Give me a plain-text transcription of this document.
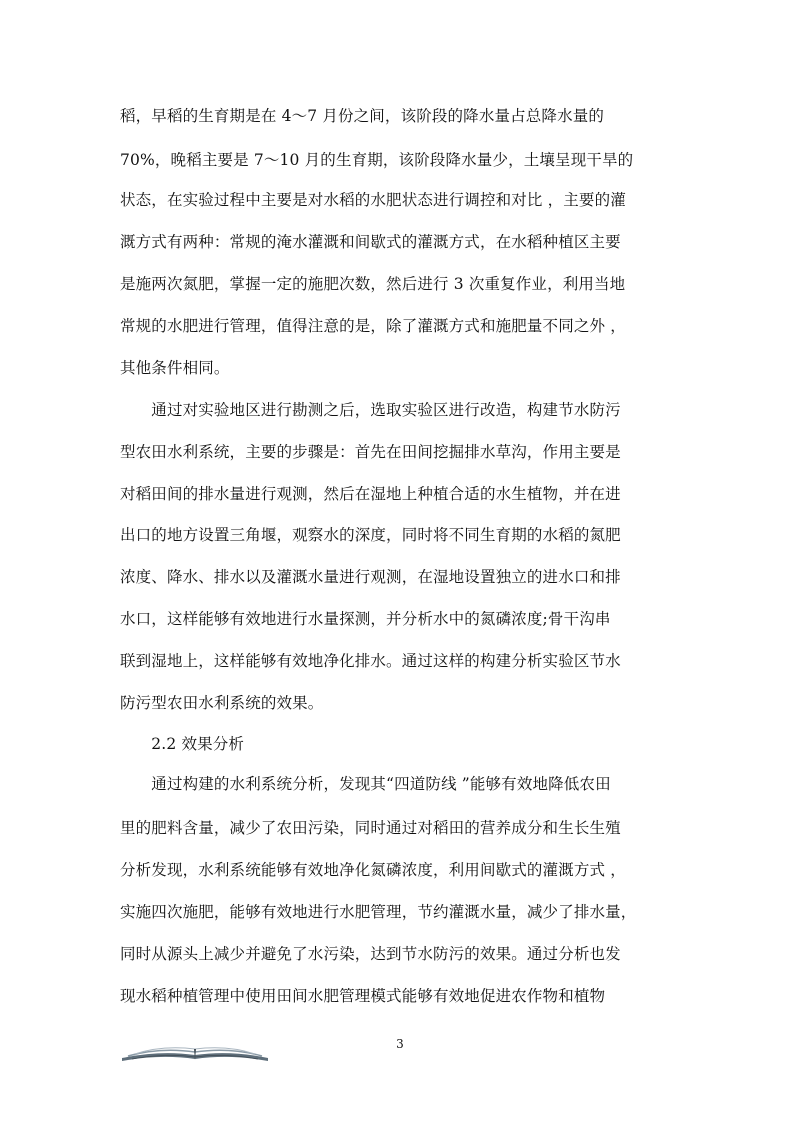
稻，早稻的生育期是在 4～7 月份之间，该阶段的降水量占总降水量的
70%，晚稻主要是 7～10 月的生育期，该阶段降水量少，土壤呈现干旱的
状态，在实验过程中主要是对水稻的水肥状态进行调控和对比 ，主要的灌
溉方式有两种：常规的淹水灌溉和间歇式的灌溉方式，在水稻种植区主要
是施两次氮肥，掌握一定的施肥次数，然后进行 3 次重复作业，利用当地
常规的水肥进行管理，值得注意的是，除了灌溉方式和施肥量不同之外 ，
其他条件相同。
　　通过对实验地区进行勘测之后，选取实验区进行改造，构建节水防污
型农田水利系统，主要的步骤是：首先在田间挖掘排水草沟，作用主要是
对稻田间的排水量进行观测，然后在湿地上种植合适的水生植物，并在进
出口的地方设置三角堰，观察水的深度，同时将不同生育期的水稻的氮肥
浓度、降水、排水以及灌溉水量进行观测，在湿地设置独立的进水口和排
水口，这样能够有效地进行水量探测，并分析水中的氮磷浓度;骨干沟串
联到湿地上，这样能够有效地净化排水。通过这样的构建分析实验区节水
防污型农田水利系统的效果。
　　2.2 效果分析
　　通过构建的水利系统分析，发现其“四道防线 ”能够有效地降低农田
里的肥料含量，减少了农田污染，同时通过对稻田的营养成分和生长生殖
分析发现，水利系统能够有效地净化氮磷浓度，利用间歇式的灌溉方式 ，
实施四次施肥，能够有效地进行水肥管理，节约灌溉水量，减少了排水量，
同时从源头上减少并避免了水污染，达到节水防污的效果。通过分析也发
现水稻种植管理中使用田间水肥管理模式能够有效地促进农作物和植物
3
